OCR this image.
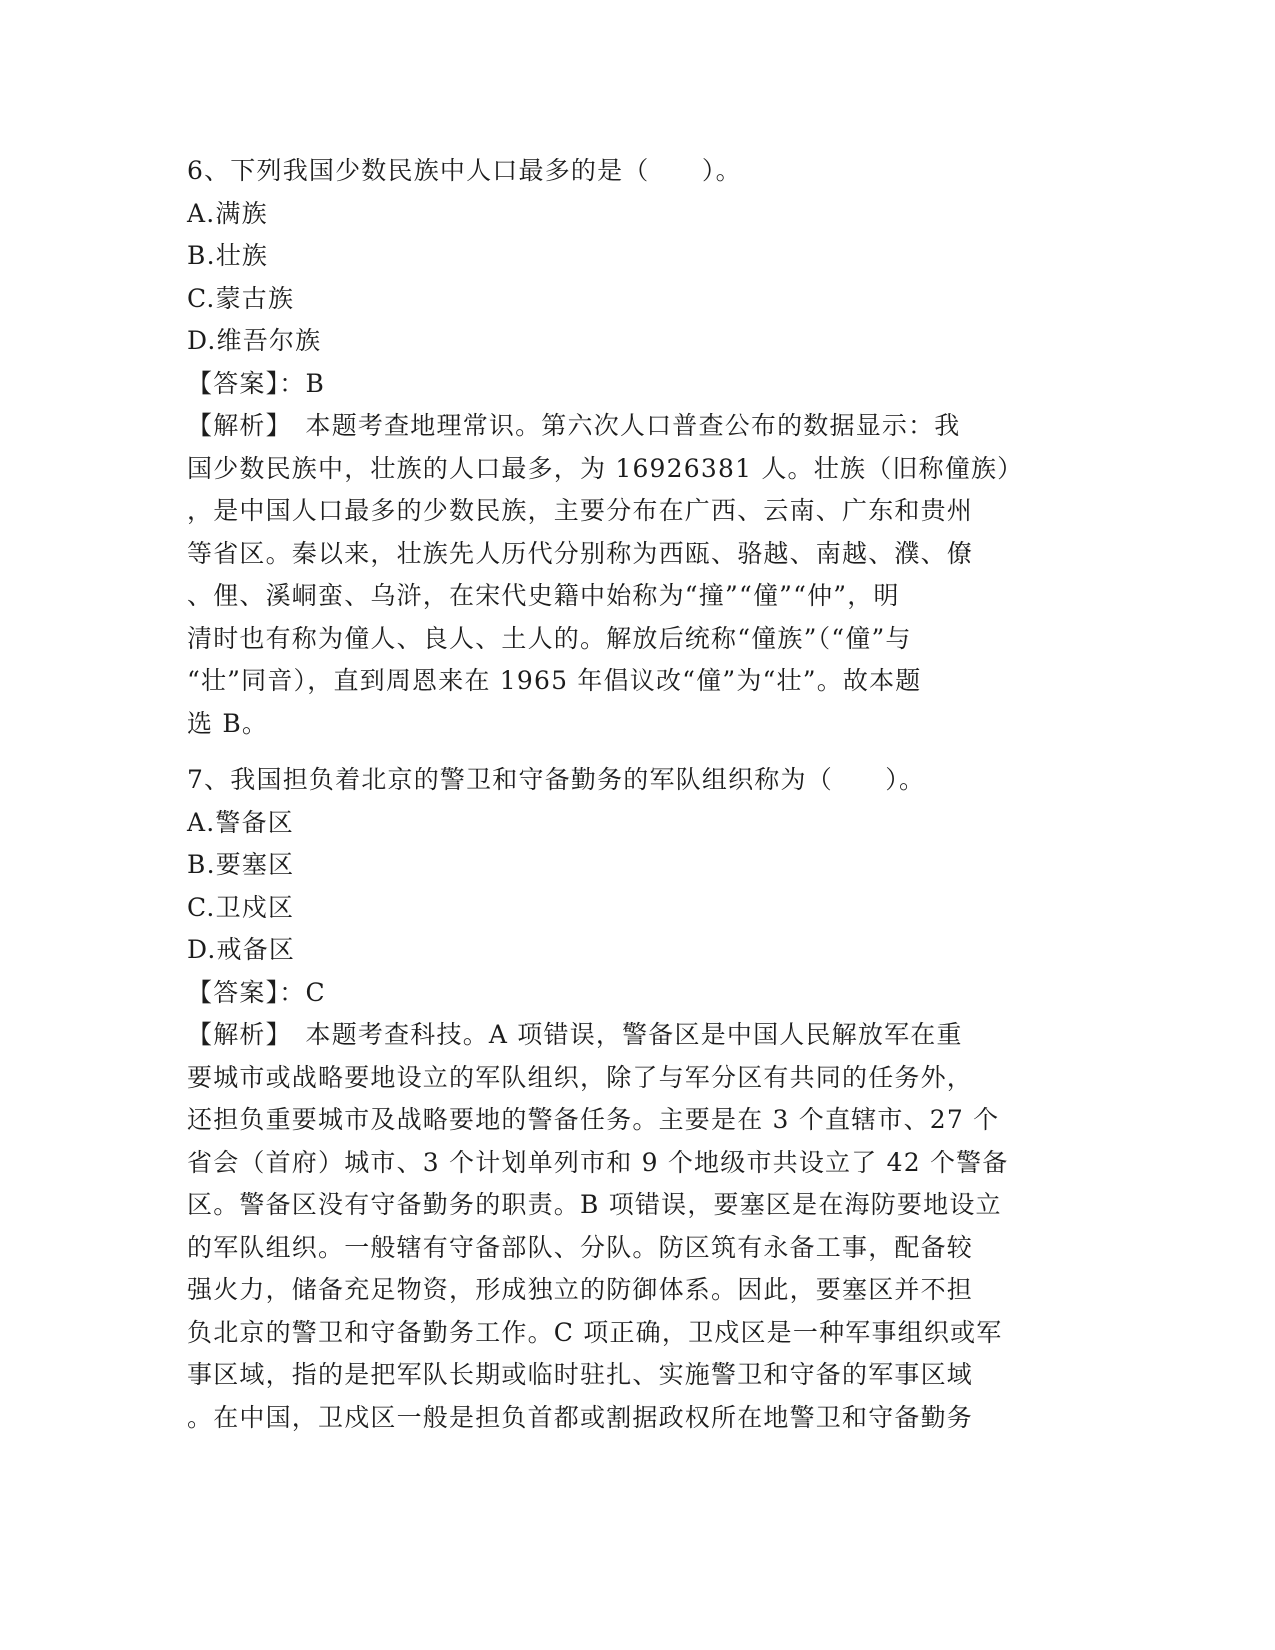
6、下列我国少数民族中人口最多的是（　　）。
A.满族
B.壮族
C.蒙古族
D.维吾尔族
【答案】：B
【解析】　本题考查地理常识。第六次人口普查公布的数据显示：我
国少数民族中，壮族的人口最多，为 16926381 人。壮族（旧称僮族）
，是中国人口最多的少数民族，主要分布在广西、云南、广东和贵州
等省区。秦以来，壮族先人历代分别称为西瓯、骆越、南越、濮、僚
、俚、溪峒蛮、乌浒，在宋代史籍中始称为“撞”“僮”“仲”，明
清时也有称为僮人、良人、土人的。解放后统称“僮族”（“僮”与
“壮”同音），直到周恩来在 1965 年倡议改“僮”为“壮”。故本题
选 B。
7、我国担负着北京的警卫和守备勤务的军队组织称为（　　）。
A.警备区
B.要塞区
C.卫戍区
D.戒备区
【答案】：C
【解析】　本题考查科技。A 项错误，警备区是中国人民解放军在重
要城市或战略要地设立的军队组织，除了与军分区有共同的任务外，
还担负重要城市及战略要地的警备任务。主要是在 3 个直辖市、27 个
省会（首府）城市、3 个计划单列市和 9 个地级市共设立了 42 个警备
区。警备区没有守备勤务的职责。B 项错误，要塞区是在海防要地设立
的军队组织。一般辖有守备部队、分队。防区筑有永备工事，配备较
强火力，储备充足物资，形成独立的防御体系。因此，要塞区并不担
负北京的警卫和守备勤务工作。C 项正确，卫戍区是一种军事组织或军
事区域，指的是把军队长期或临时驻扎、实施警卫和守备的军事区域
。在中国，卫戍区一般是担负首都或割据政权所在地警卫和守备勤务
